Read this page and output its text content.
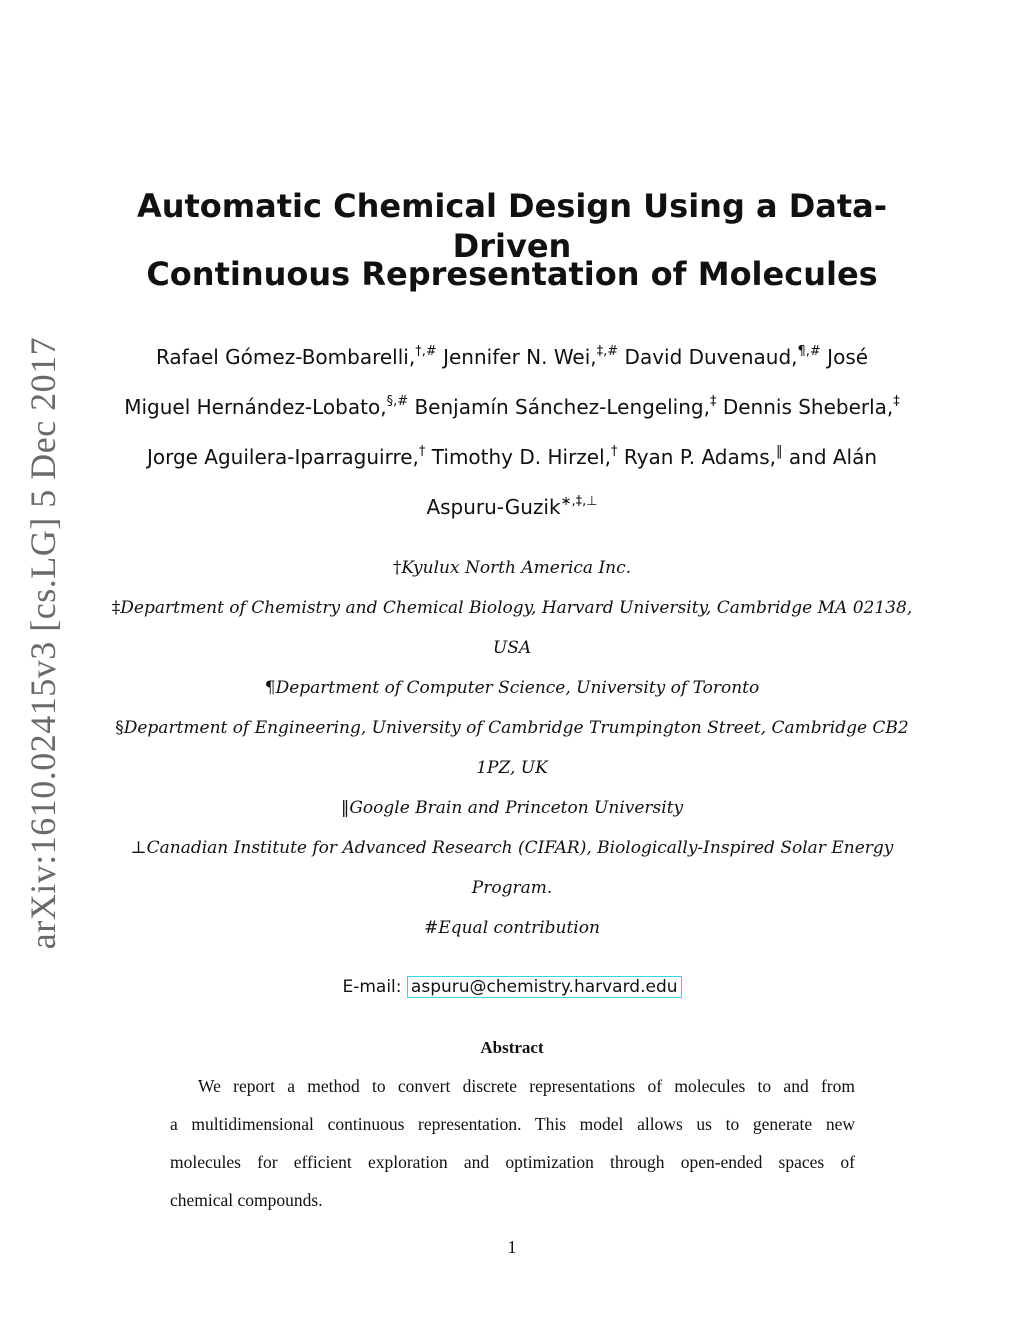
arXiv:1610.02415v3 [cs.LG] 5 Dec 2017
Automatic Chemical Design Using a Data-Driven
Continuous Representation of Molecules
Rafael Gómez-Bombarelli,†,# Jennifer N. Wei,‡,# David Duvenaud,¶,# José
Miguel Hernández-Lobato,§,# Benjamín Sánchez-Lengeling,‡ Dennis Sheberla,‡
Jorge Aguilera-Iparraguirre,† Timothy D. Hirzel,† Ryan P. Adams,‖ and Alán
Aspuru-Guzik∗,‡,⊥
†Kyulux North America Inc.
‡Department of Chemistry and Chemical Biology, Harvard University, Cambridge MA 02138,
USA
¶Department of Computer Science, University of Toronto
§Department of Engineering, University of Cambridge Trumpington Street, Cambridge CB2
1PZ, UK
‖Google Brain and Princeton University
⊥Canadian Institute for Advanced Research (CIFAR), Biologically-Inspired Solar Energy
Program.
#Equal contribution
E-mail: aspuru@chemistry.harvard.edu
Abstract
We report a method to convert discrete representations of molecules to and from
a multidimensional continuous representation. This model allows us to generate new
molecules for efficient exploration and optimization through open-ended spaces of
chemical compounds.
1
